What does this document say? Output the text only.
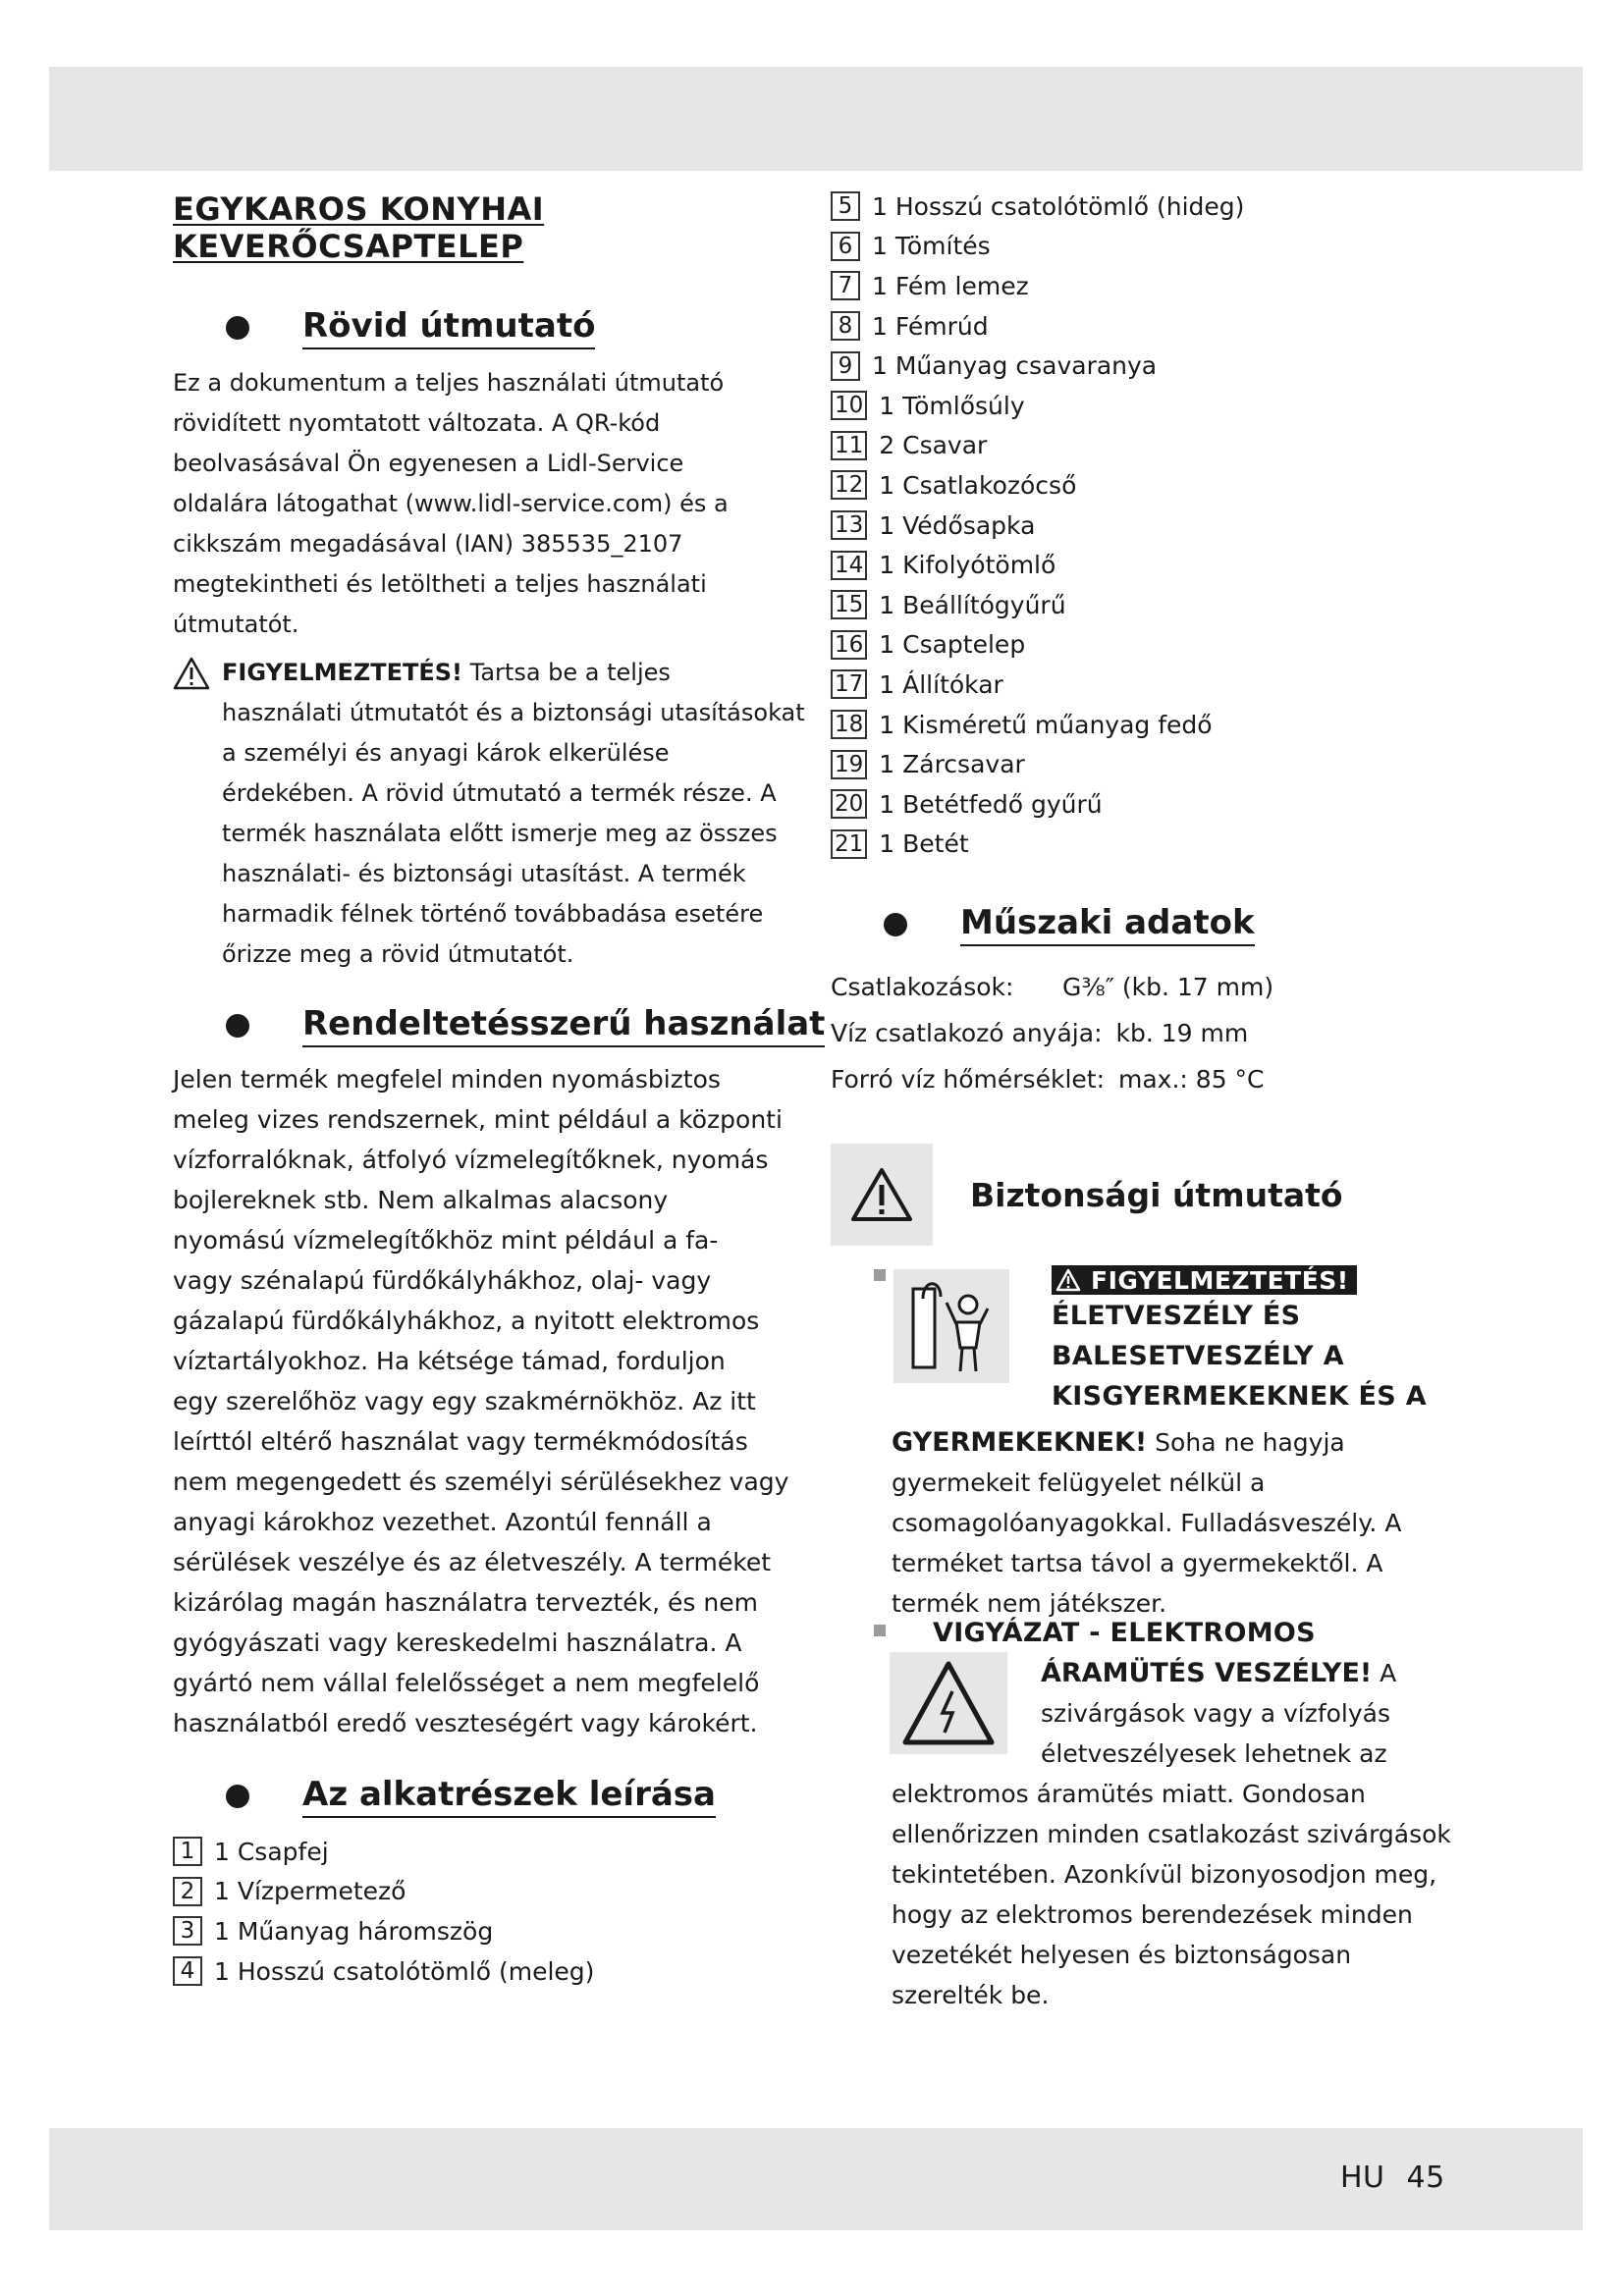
EGYKAROS KONYHAI
KEVERŐCSAPTELEP
Rövid útmutató

Ez a dokumentum a teljes használati útmutató

rövidített nyomtatott változata. A QR-kód

beolvasásával Ön egyenesen a Lidl-Service

oldalára látogathat (www.lidl-service.com) és a

cikkszám megadásával (IAN) 385535_2107

megtekintheti és letöltheti a teljes használati

útmutatót.

FIGYELMEZTETÉS! Tartsa be a teljes
használati útmutatót és a biztonsági utasításokat
a személyi és anyagi károk elkerülése
érdekében. A rövid útmutató a termék része. A
termék használata előtt ismerje meg az összes
használati- és biztonsági utasítást. A termék
harmadik félnek történő továbbadása esetére
őrizze meg a rövid útmutatót.
Rendeltetésszerű használat

Jelen termék megfelel minden nyomásbiztos

meleg vizes rendszernek, mint például a központi

vízforralóknak, átfolyó vízmelegítőknek, nyomás

bojlereknek stb. Nem alkalmas alacsony

nyomású vízmelegítőkhöz mint például a fa-

vagy szénalapú fürdőkályhákhoz, olaj- vagy

gázalapú fürdőkályhákhoz, a nyitott elektromos

víztartályokhoz. Ha kétsége támad, forduljon

egy szerelőhöz vagy egy szakmérnökhöz. Az itt

leírttól eltérő használat vagy termékmódosítás

nem megengedett és személyi sérülésekhez vagy

anyagi károkhoz vezethet. Azontúl fennáll a

sérülések veszélye és az életveszély. A terméket

kizárólag magán használatra tervezték, és nem

gyógyászati vagy kereskedelmi használatra. A

gyártó nem vállal felelősséget a nem megfelelő

használatból eredő veszteségért vagy károkért.

Az alkatrészek leírása
1 1 Csapfej
2 1 Vízpermetező
3 1 Műanyag háromszög
4 1 Hosszú csatolótömlő (meleg)
5 1 Hosszú csatolótömlő (hideg)
6 1 Tömítés
7 1 Fém lemez
8 1 Fémrúd
9 1 Műanyag csavaranya
10 1 Tömlősúly
11 2 Csavar
12 1 Csatlakozócső
13 1 Védősapka
14 1 Kifolyótömlő
15 1 Beállítógyűrű
16 1 Csaptelep
17 1 Állítókar
18 1 Kisméretű műanyag fedő
19 1 Zárcsavar
20 1 Betétfedő gyűrű
21 1 Betét
Műszaki adatok
Csatlakozások:	G⅜″ (kb. 17 mm)
Víz csatlakozó anyája: kb. 19 mm
Forró víz hőmérséklet: max.: 85 °C
Biztonsági útmutató
FIGYELMEZTETÉS!
ÉLETVESZÉLY ÉS
BALESETVESZÉLY A
KISGYERMEKEKNEK ÉS A
GYERMEKEKNEK! Soha ne hagyja
gyermekeit felügyelet nélkül a
csomagolóanyagokkal. Fulladásveszély. A
terméket tartsa távol a gyermekektől. A
termék nem játékszer.
VIGYÁZAT - ELEKTROMOS
ÁRAMÜTÉS VESZÉLYE! A
szivárgások vagy a vízfolyás
életveszélyesek lehetnek az
elektromos áramütés miatt. Gondosan
ellenőrizzen minden csatlakozást szivárgások
tekintetében. Azonkívül bizonyosodjon meg,
hogy az elektromos berendezések minden
vezetékét helyesen és biztonságosan
szerelték be.
HU 45
